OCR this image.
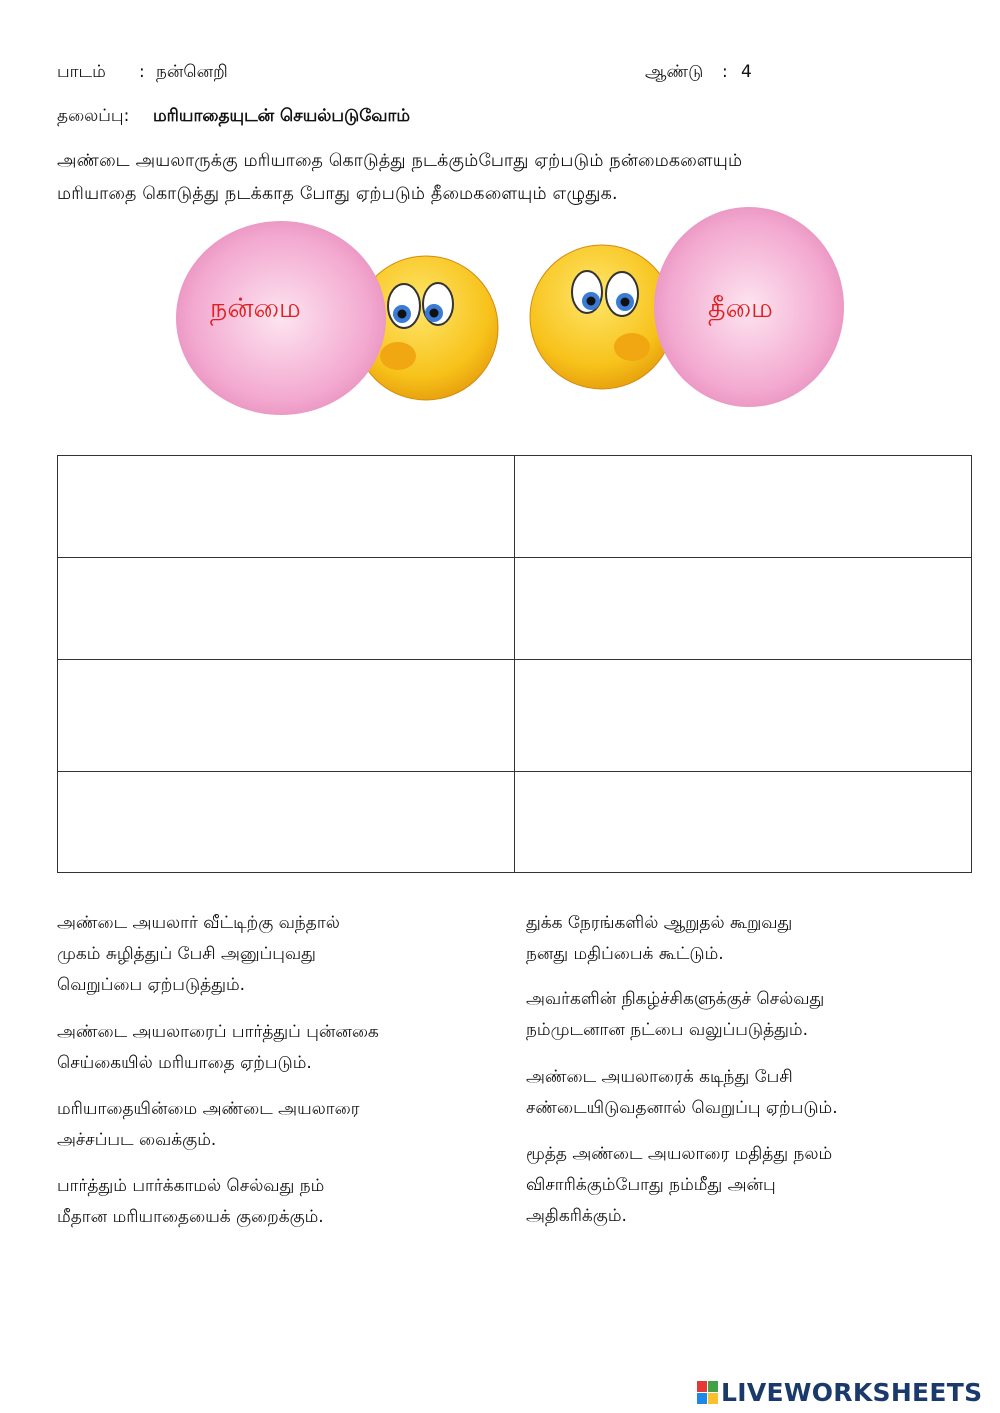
பாடம் : நன்னெறி	ஆண்டு : 4
தலைப்பு: மரியாதையுடன் செயல்படுவோம்
அண்டை அயலாருக்கு மரியாதை கொடுத்து நடக்கும்போது ஏற்படும் நன்மைகளையும்
மரியாதை கொடுத்து நடக்காத போது ஏற்படும் தீமைகளையும் எழுதுக.
நன்மை	தீமை

அண்டை அயலார் வீட்டிற்கு வந்தால்
முகம் சுழித்துப் பேசி அனுப்புவது
வெறுப்பை ஏற்படுத்தும்.
அண்டை அயலாரைப் பார்த்துப் புன்னகை
செய்கையில் மரியாதை ஏற்படும்.
மரியாதையின்மை அண்டை அயலாரை
அச்சப்பட வைக்கும்.
பார்த்தும் பார்க்காமல் செல்வது நம்
மீதான மரியாதையைக் குறைக்கும்.
துக்க நேரங்களில் ஆறுதல் கூறுவது
நனது மதிப்பைக் கூட்டும்.
அவர்களின் நிகழ்ச்சிகளுக்குச் செல்வது
நம்முடனான நட்பை வலுப்படுத்தும்.
அண்டை அயலாரைக் கடிந்து பேசி
சண்டையிடுவதனால் வெறுப்பு ஏற்படும்.
மூத்த அண்டை அயலாரை மதித்து நலம்
விசாரிக்கும்போது நம்மீது அன்பு
அதிகரிக்கும்.
LIVEWORKSHEETS
